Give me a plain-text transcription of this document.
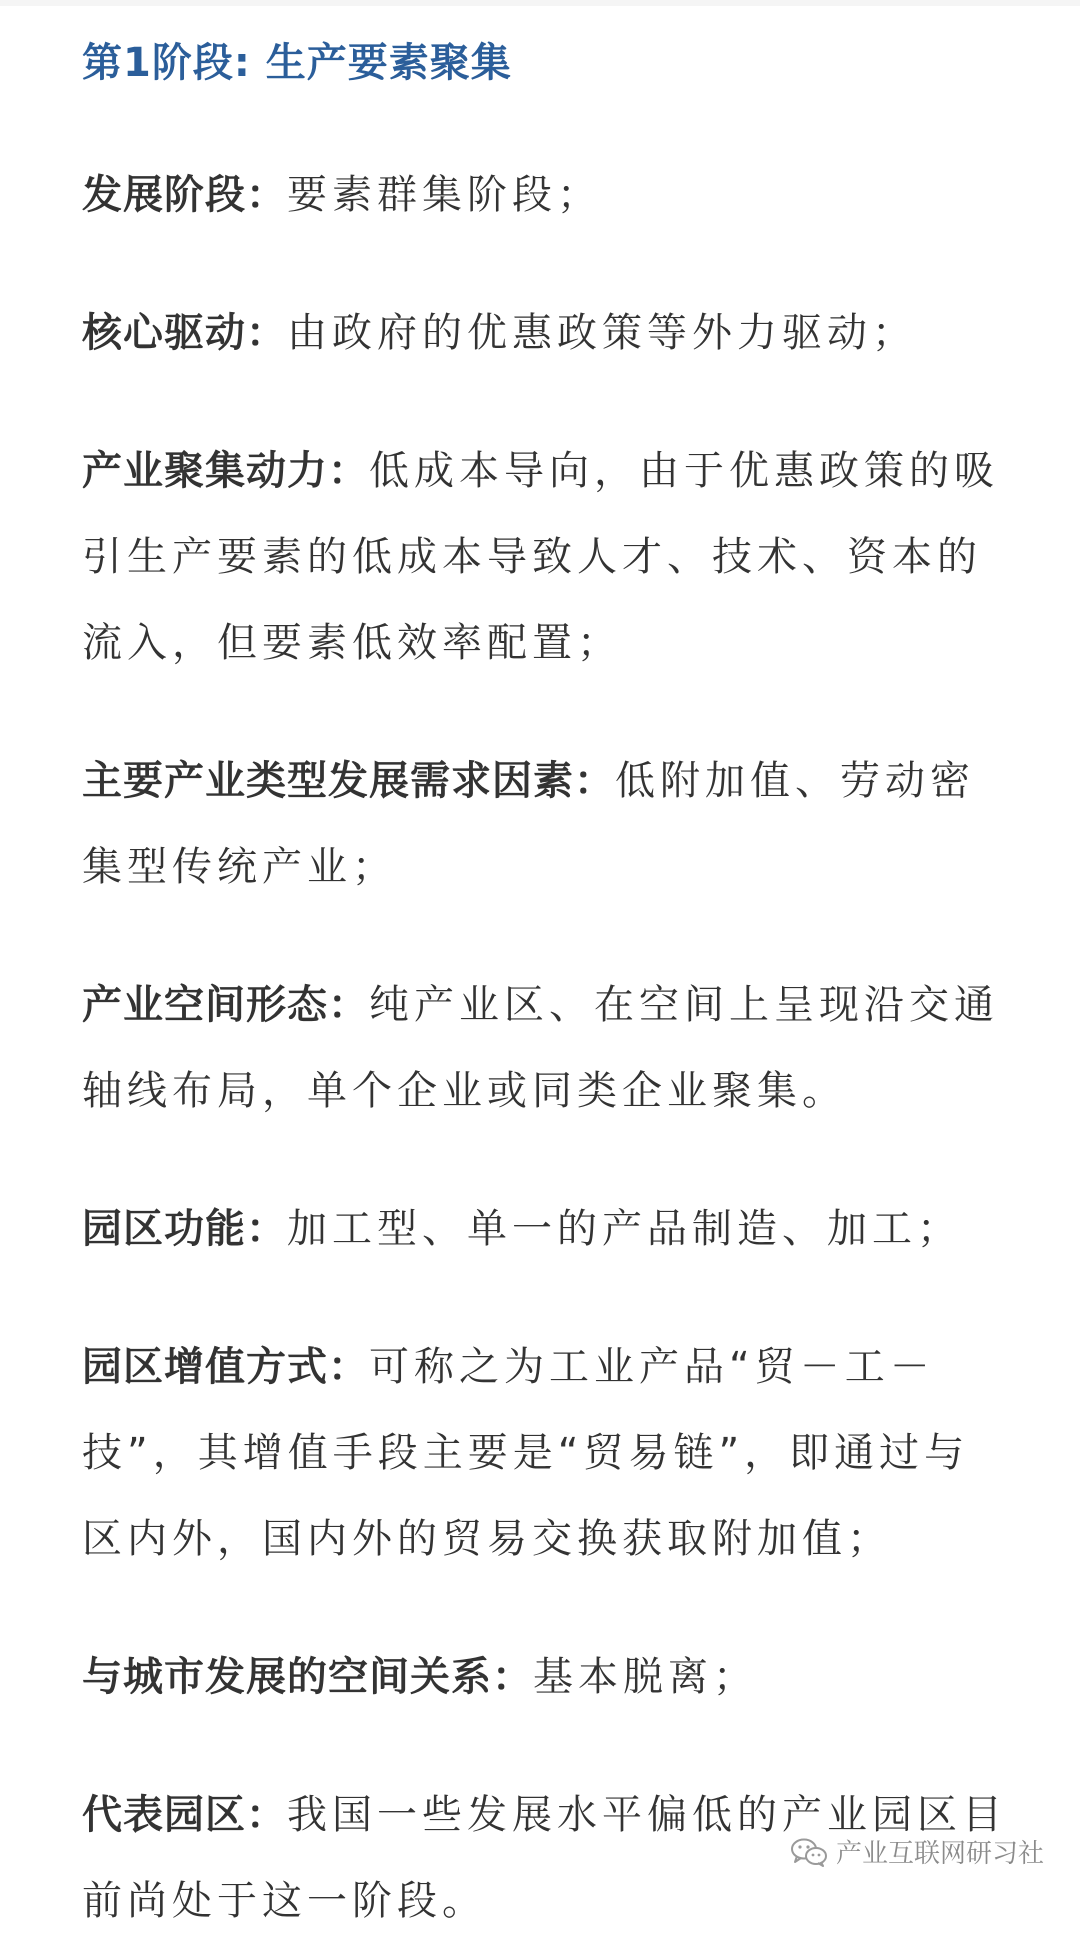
第1阶段: 生产要素聚集

发展阶段：要素群集阶段；

核心驱动：由政府的优惠政策等外力驱动；

产业聚集动力：低成本导向，由于优惠政策的吸引生产要素的低成本导致人才、技术、资本的流入，但要素低效率配置；

主要产业类型发展需求因素：低附加值、劳动密集型传统产业；

产业空间形态：纯产业区、在空间上呈现沿交通轴线布局，单个企业或同类企业聚集。

园区功能：加工型、单一的产品制造、加工；

园区增值方式：可称之为工业产品“贸－工－技”，其增值手段主要是“贸易链”，即通过与区内外，国内外的贸易交换获取附加值；

与城市发展的空间关系：基本脱离；

代表园区：我国一些发展水平偏低的产业园区目前尚处于这一阶段。

产业互联网研习社
